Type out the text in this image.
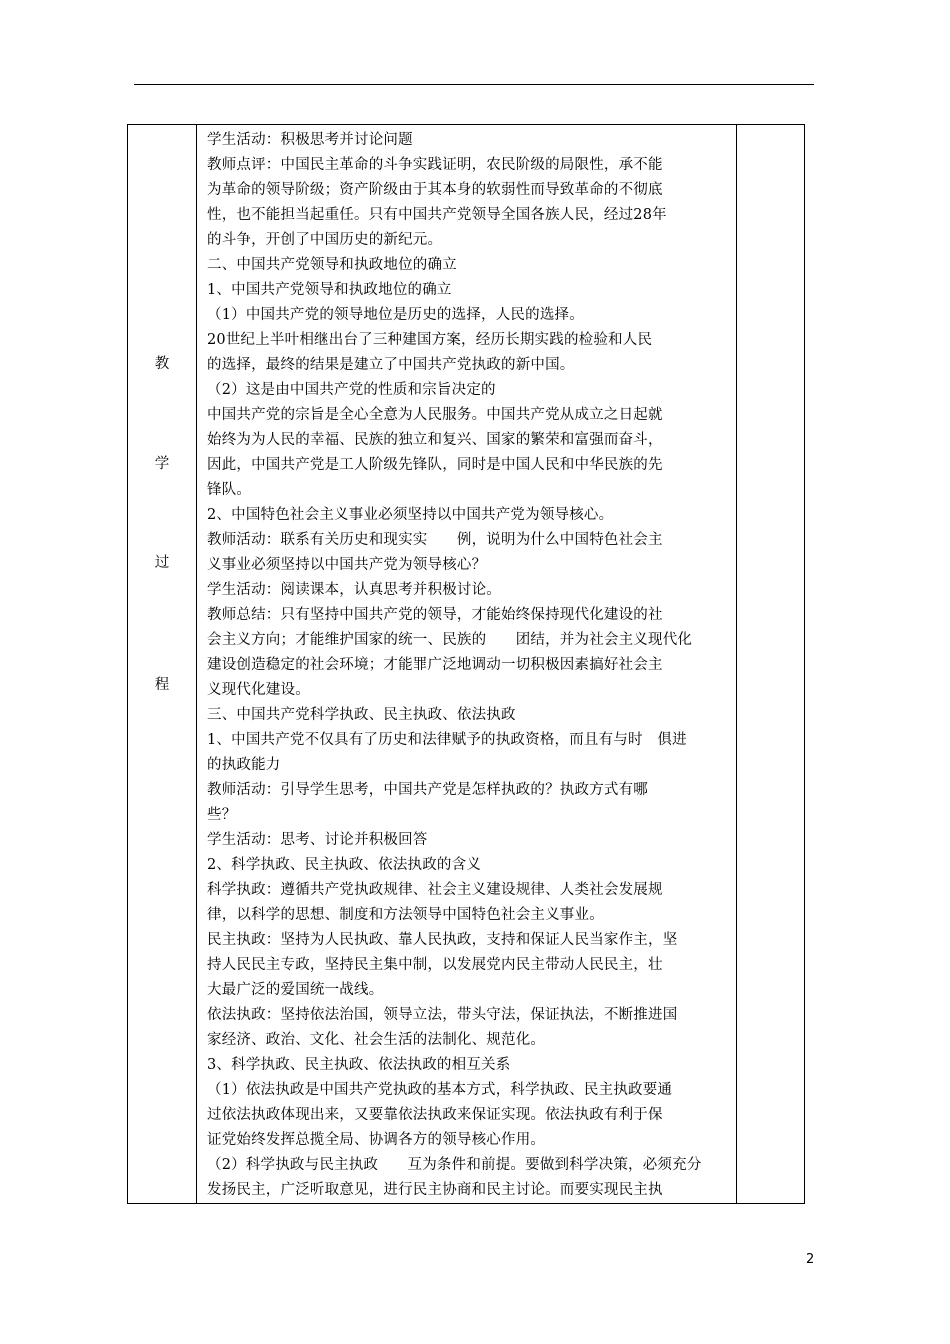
教
学
过
程

学生活动：积极思考并讨论问题
教师点评：中国民主革命的斗争实践证明，农民阶级的局限性，承不能
为革命的领导阶级；资产阶级由于其本身的软弱性而导致革命的不彻底
性，也不能担当起重任。只有中国共产党领导全国各族人民，经过28年
的斗争，开创了中国历史的新纪元。
二、中国共产党领导和执政地位的确立
1、中国共产党领导和执政地位的确立
（1）中国共产党的领导地位是历史的选择，人民的选择。
20世纪上半叶相继出台了三种建国方案，经历长期实践的检验和人民
的选择，最终的结果是建立了中国共产党执政的新中国。
（2）这是由中国共产党的性质和宗旨决定的
中国共产党的宗旨是全心全意为人民服务。中国共产党从成立之日起就
始终为为人民的幸福、民族的独立和复兴、国家的繁荣和富强而奋斗，
因此，中国共产党是工人阶级先锋队，同时是中国人民和中华民族的先
锋队。
2、中国特色社会主义事业必须坚持以中国共产党为领导核心。
教师活动：联系有关历史和现实实　　例，说明为什么中国特色社会主
义事业必须坚持以中国共产党为领导核心？
学生活动：阅读课本，认真思考并积极讨论。
教师总结：只有坚持中国共产党的领导，才能始终保持现代化建设的社
会主义方向；才能维护国家的统一、民族的　　团结，并为社会主义现代化
建设创造稳定的社会环境；才能罪广泛地调动一切积极因素搞好社会主
义现代化建设。
三、中国共产党科学执政、民主执政、依法执政
1、中国共产党不仅具有了历史和法律赋予的执政资格，而且有与时　俱进
的执政能力
教师活动：引导学生思考，中国共产党是怎样执政的？执政方式有哪
些？
学生活动：思考、讨论并积极回答
2、科学执政、民主执政、依法执政的含义
科学执政：遵循共产党执政规律、社会主义建设规律、人类社会发展规
律，以科学的思想、制度和方法领导中国特色社会主义事业。
民主执政：坚持为人民执政、靠人民执政，支持和保证人民当家作主，坚
持人民民主专政，坚持民主集中制，以发展党内民主带动人民民主，壮
大最广泛的爱国统一战线。
依法执政：坚持依法治国，领导立法，带头守法，保证执法，不断推进国
家经济、政治、文化、社会生活的法制化、规范化。
3、科学执政、民主执政、依法执政的相互关系
（1）依法执政是中国共产党执政的基本方式，科学执政、民主执政要通
过依法执政体现出来，又要靠依法执政来保证实现。依法执政有利于保
证党始终发挥总揽全局、协调各方的领导核心作用。
（2）科学执政与民主执政　　互为条件和前提。要做到科学决策，必须充分
发扬民主，广泛听取意见，进行民主协商和民主讨论。而要实现民主执

2
